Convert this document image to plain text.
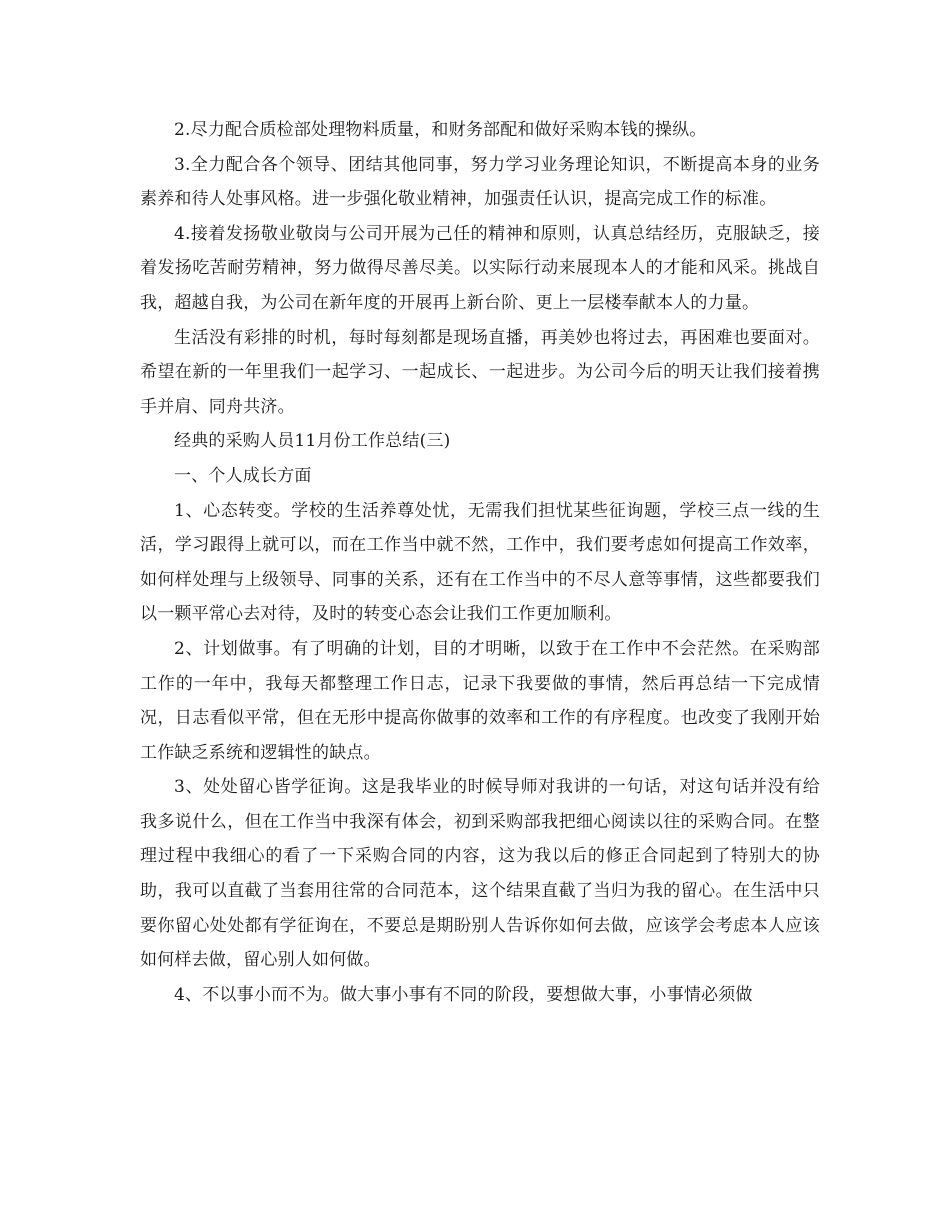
2.尽力配合质检部处理物料质量，和财务部配和做好采购本钱的操纵。

3.全力配合各个领导、团结其他同事，努力学习业务理论知识，不断提高本身的业务素养和待人处事风格。进一步强化敬业精神，加强责任认识，提高完成工作的标准。

4.接着发扬敬业敬岗与公司开展为己任的精神和原则，认真总结经历，克服缺乏，接着发扬吃苦耐劳精神，努力做得尽善尽美。以实际行动来展现本人的才能和风采。挑战自我，超越自我，为公司在新年度的开展再上新台阶、更上一层楼奉献本人的力量。

生活没有彩排的时机，每时每刻都是现场直播，再美妙也将过去，再困难也要面对。希望在新的一年里我们一起学习、一起成长、一起进步。为公司今后的明天让我们接着携手并肩、同舟共济。

经典的采购人员11月份工作总结(三)

一、个人成长方面

1、心态转变。学校的生活养尊处忧，无需我们担忧某些征询题，学校三点一线的生活，学习跟得上就可以，而在工作当中就不然，工作中，我们要考虑如何提高工作效率，如何样处理与上级领导、同事的关系，还有在工作当中的不尽人意等事情，这些都要我们以一颗平常心去对待，及时的转变心态会让我们工作更加顺利。

2、计划做事。有了明确的计划，目的才明晰，以致于在工作中不会茫然。在采购部工作的一年中，我每天都整理工作日志，记录下我要做的事情，然后再总结一下完成情况，日志看似平常，但在无形中提高你做事的效率和工作的有序程度。也改变了我刚开始工作缺乏系统和逻辑性的缺点。

3、处处留心皆学征询。这是我毕业的时候导师对我讲的一句话，对这句话并没有给我多说什么，但在工作当中我深有体会，初到采购部我把细心阅读以往的采购合同。在整理过程中我细心的看了一下采购合同的内容，这为我以后的修正合同起到了特别大的协助，我可以直截了当套用往常的合同范本，这个结果直截了当归为我的留心。在生活中只要你留心处处都有学征询在，不要总是期盼别人告诉你如何去做，应该学会考虑本人应该如何样去做，留心别人如何做。

4、不以事小而不为。做大事小事有不同的阶段，要想做大事，小事情必须做
